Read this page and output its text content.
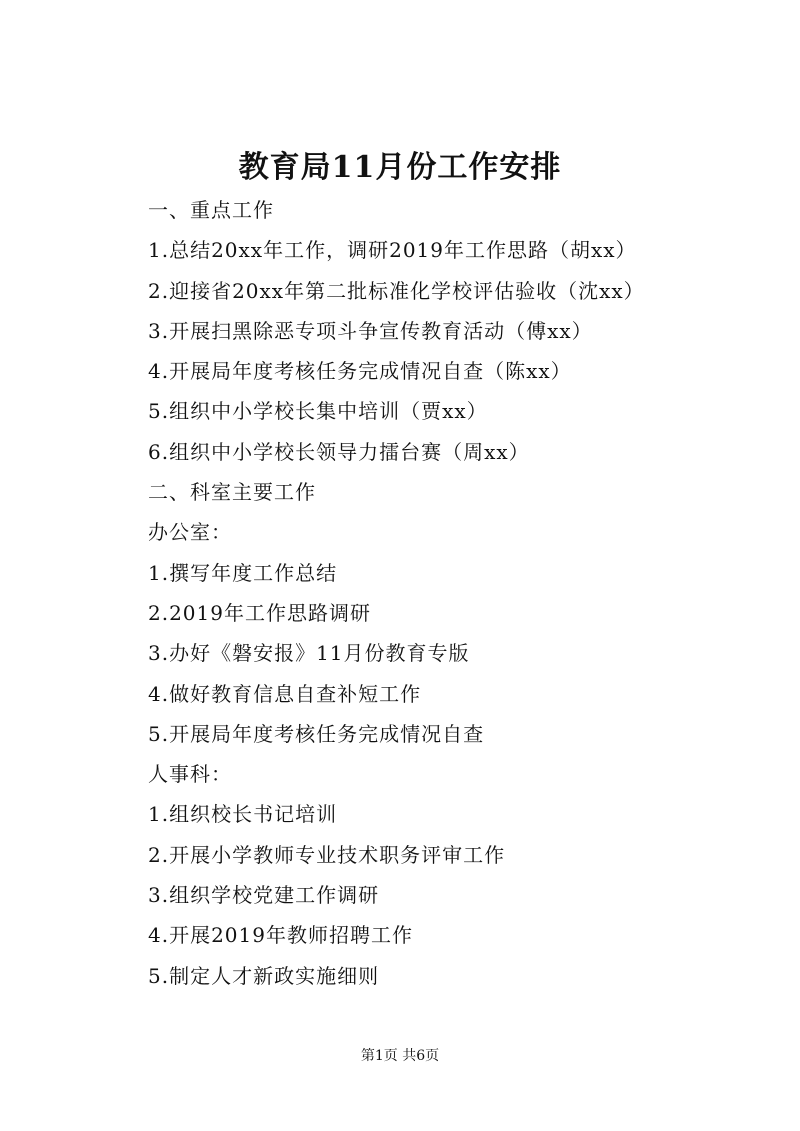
教育局11月份工作安排
一、重点工作
1.总结20xx年工作，调研2019年工作思路（胡xx）
2.迎接省20xx年第二批标准化学校评估验收（沈xx）
3.开展扫黑除恶专项斗争宣传教育活动（傅xx）
4.开展局年度考核任务完成情况自查（陈xx）
5.组织中小学校长集中培训（贾xx）
6.组织中小学校长领导力擂台赛（周xx）
二、科室主要工作
办公室：
1.撰写年度工作总结
2.2019年工作思路调研
3.办好《磐安报》11月份教育专版
4.做好教育信息自查补短工作
5.开展局年度考核任务完成情况自查
人事科：
1.组织校长书记培训
2.开展小学教师专业技术职务评审工作
3.组织学校党建工作调研
4.开展2019年教师招聘工作
5.制定人才新政实施细则
第1页 共6页
